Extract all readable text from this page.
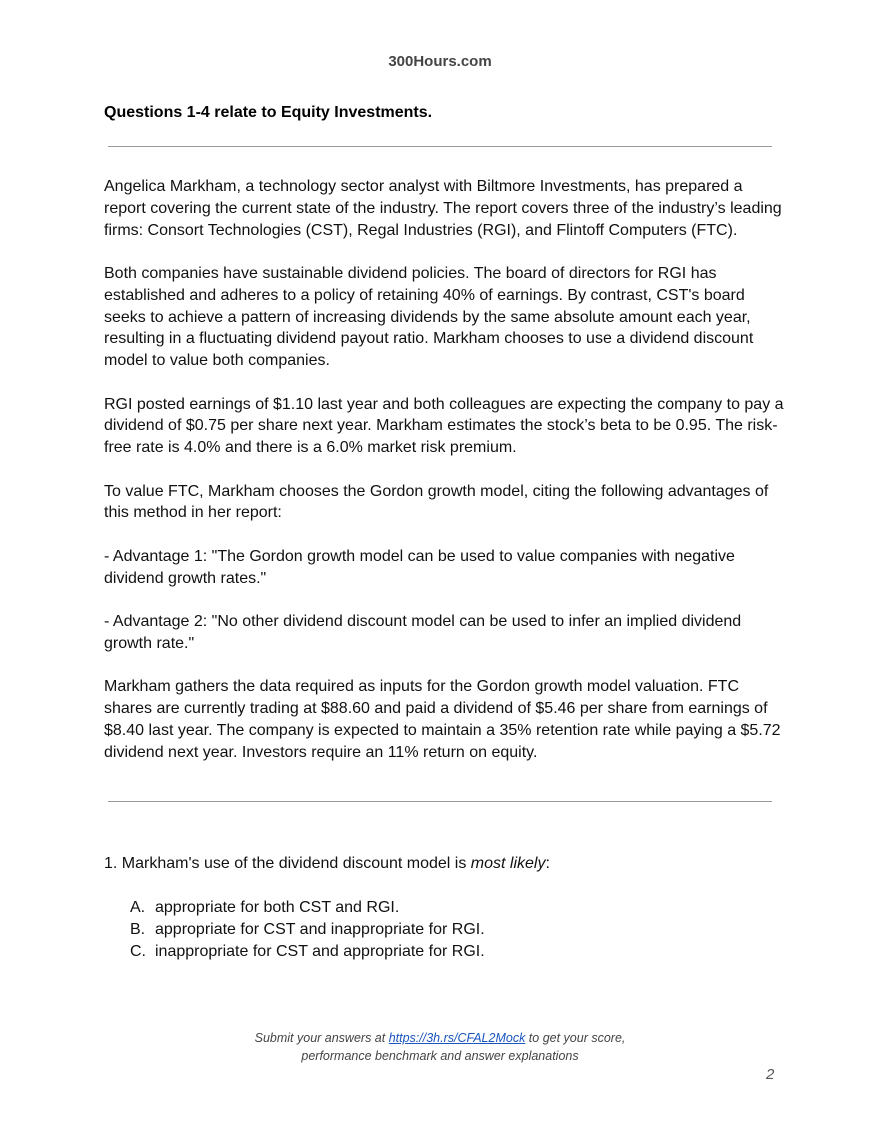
300Hours.com
Questions 1-4 relate to Equity Investments.

Angelica Markham, a technology sector analyst with Biltmore Investments, has prepared a report covering the current state of the industry. The report covers three of the industry’s leading firms: Consort Technologies (CST), Regal Industries (RGI), and Flintoff Computers (FTC).

Both companies have sustainable dividend policies. The board of directors for RGI has established and adheres to a policy of retaining 40% of earnings. By contrast, CST's board seeks to achieve a pattern of increasing dividends by the same absolute amount each year, resulting in a fluctuating dividend payout ratio. Markham chooses to use a dividend discount model to value both companies.

RGI posted earnings of $1.10 last year and both colleagues are expecting the company to pay a dividend of $0.75 per share next year. Markham estimates the stock’s beta to be 0.95. The risk-free rate is 4.0% and there is a 6.0% market risk premium.

To value FTC, Markham chooses the Gordon growth model, citing the following advantages of this method in her report:

- Advantage 1: "The Gordon growth model can be used to value companies with negative dividend growth rates."

- Advantage 2: "No other dividend discount model can be used to infer an implied dividend growth rate."

Markham gathers the data required as inputs for the Gordon growth model valuation. FTC shares are currently trading at $88.60 and paid a dividend of $5.46 per share from earnings of $8.40 last year. The company is expected to maintain a 35% retention rate while paying a $5.72 dividend next year. Investors require an 11% return on equity.

1. Markham's use of the dividend discount model is most likely:
A. appropriate for both CST and RGI.
B. appropriate for CST and inappropriate for RGI.
C. inappropriate for CST and appropriate for RGI.
Submit your answers at https://3h.rs/CFAL2Mock to get your score,
performance benchmark and answer explanations
2
